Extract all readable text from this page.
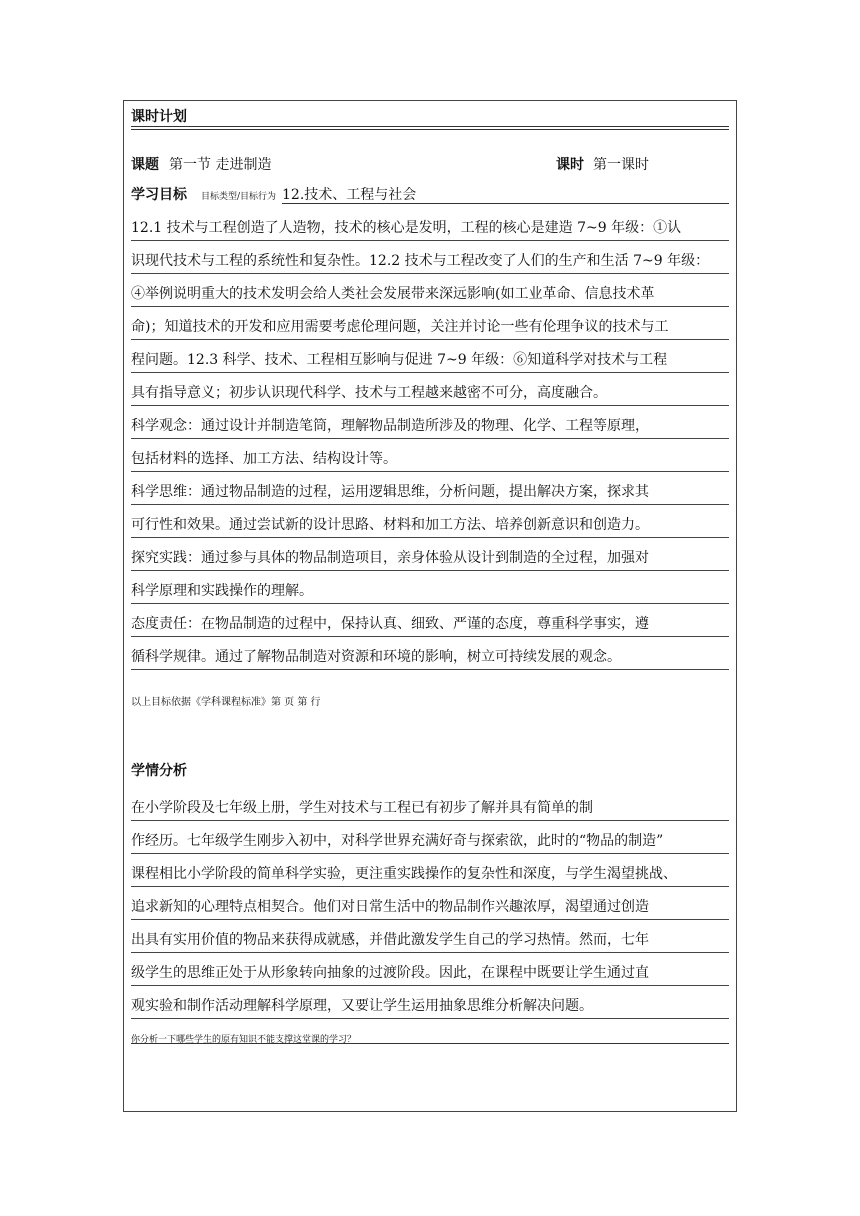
课时计划
课题 第一节 走进制造	课时 第一课时
学习目标 目标类型/目标行为 12.技术、工程与社会
12.1 技术与工程创造了人造物，技术的核心是发明，工程的核心是建造 7~9 年级：①认
识现代技术与工程的系统性和复杂性。12.2 技术与工程改变了人们的生产和生活 7~9 年级：
④举例说明重大的技术发明会给人类社会发展带来深远影响(如工业革命、信息技术革
命)；知道技术的开发和应用需要考虑伦理问题，关注并讨论一些有伦理争议的技术与工
程问题。12.3 科学、技术、工程相互影响与促进 7~9 年级：⑥知道科学对技术与工程
具有指导意义；初步认识现代科学、技术与工程越来越密不可分，高度融合。
科学观念：通过设计并制造笔筒，理解物品制造所涉及的物理、化学、工程等原理，
包括材料的选择、加工方法、结构设计等。
科学思维：通过物品制造的过程，运用逻辑思维，分析问题，提出解决方案，探求其
可行性和效果。通过尝试新的设计思路、材料和加工方法、培养创新意识和创造力。
探究实践：通过参与具体的物品制造项目，亲身体验从设计到制造的全过程，加强对
科学原理和实践操作的理解。
态度责任：在物品制造的过程中，保持认真、细致、严谨的态度，尊重科学事实，遵
循科学规律。通过了解物品制造对资源和环境的影响，树立可持续发展的观念。
以上目标依据《学科课程标准》第 页 第 行
学情分析
在小学阶段及七年级上册，学生对技术与工程已有初步了解并具有简单的制
作经历。七年级学生刚步入初中，对科学世界充满好奇与探索欲，此时的“物品的制造”
课程相比小学阶段的简单科学实验，更注重实践操作的复杂性和深度，与学生渴望挑战、
追求新知的心理特点相契合。他们对日常生活中的物品制作兴趣浓厚，渴望通过创造
出具有实用价值的物品来获得成就感，并借此激发学生自己的学习热情。然而，七年
级学生的思维正处于从形象转向抽象的过渡阶段。因此，在课程中既要让学生通过直
观实验和制作活动理解科学原理，又要让学生运用抽象思维分析解决问题。
你分析一下哪些学生的原有知识不能支撑这堂课的学习？
